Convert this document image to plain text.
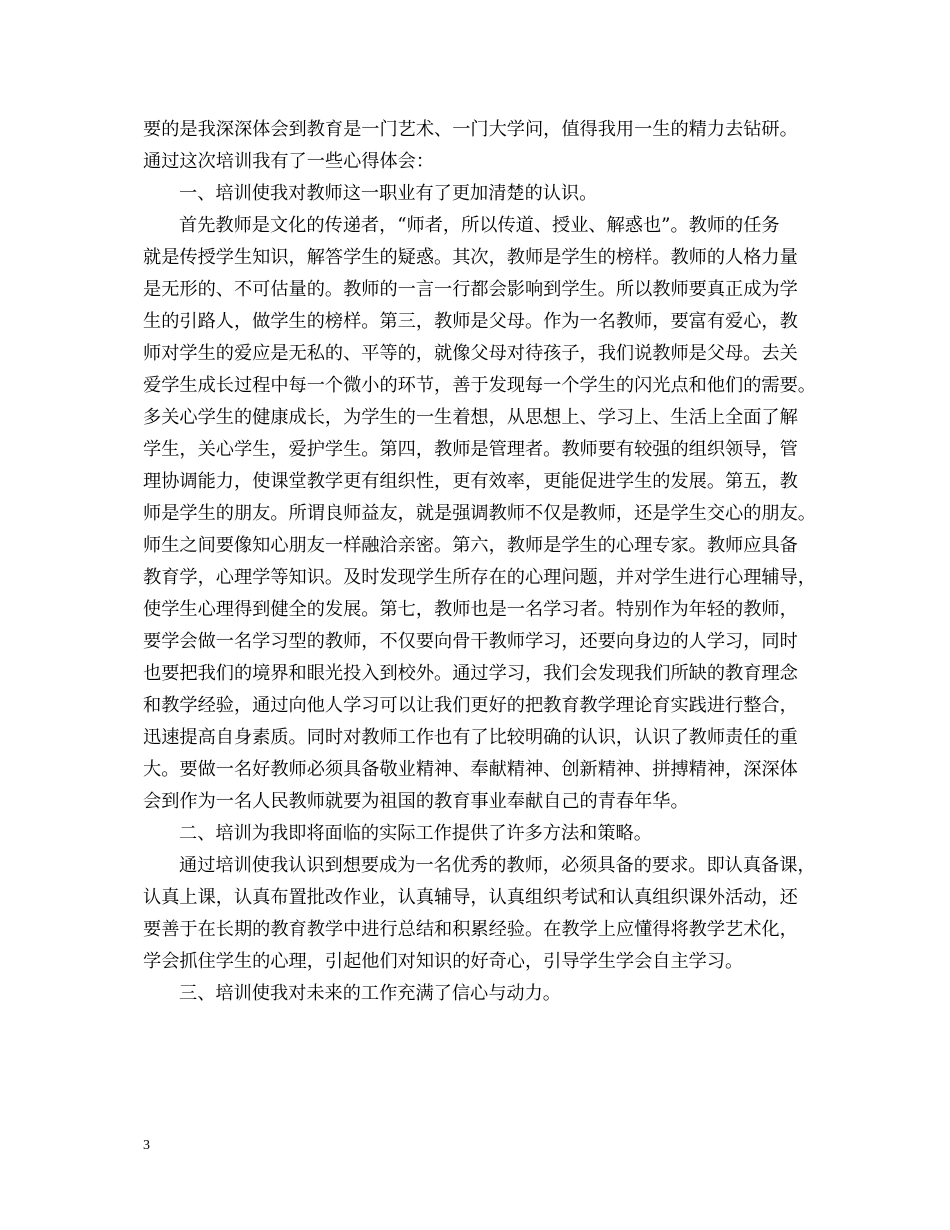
要的是我深深体会到教育是一门艺术、一门大学问，值得我用一生的精力去钻研。
通过这次培训我有了一些心得体会：
一、培训使我对教师这一职业有了更加清楚的认识。
首先教师是文化的传递者，“师者，所以传道、授业、解惑也”。教师的任务
就是传授学生知识，解答学生的疑惑。其次，教师是学生的榜样。教师的人格力量
是无形的、不可估量的。教师的一言一行都会影响到学生。所以教师要真正成为学
生的引路人，做学生的榜样。第三，教师是父母。作为一名教师，要富有爱心，教
师对学生的爱应是无私的、平等的，就像父母对待孩子，我们说教师是父母。去关
爱学生成长过程中每一个微小的环节，善于发现每一个学生的闪光点和他们的需要。
多关心学生的健康成长，为学生的一生着想，从思想上、学习上、生活上全面了解
学生，关心学生，爱护学生。第四，教师是管理者。教师要有较强的组织领导，管
理协调能力，使课堂教学更有组织性，更有效率，更能促进学生的发展。第五，教
师是学生的朋友。所谓良师益友，就是强调教师不仅是教师，还是学生交心的朋友。
师生之间要像知心朋友一样融洽亲密。第六，教师是学生的心理专家。教师应具备
教育学，心理学等知识。及时发现学生所存在的心理问题，并对学生进行心理辅导，
使学生心理得到健全的发展。第七，教师也是一名学习者。特别作为年轻的教师，
要学会做一名学习型的教师，不仅要向骨干教师学习，还要向身边的人学习，同时
也要把我们的境界和眼光投入到校外。通过学习，我们会发现我们所缺的教育理念
和教学经验，通过向他人学习可以让我们更好的把教育教学理论育实践进行整合，
迅速提高自身素质。同时对教师工作也有了比较明确的认识，认识了教师责任的重
大。要做一名好教师必须具备敬业精神、奉献精神、创新精神、拼搏精神，深深体
会到作为一名人民教师就要为祖国的教育事业奉献自己的青春年华。
二、培训为我即将面临的实际工作提供了许多方法和策略。
通过培训使我认识到想要成为一名优秀的教师，必须具备的要求。即认真备课，
认真上课，认真布置批改作业，认真辅导，认真组织考试和认真组织课外活动，还
要善于在长期的教育教学中进行总结和积累经验。在教学上应懂得将教学艺术化，
学会抓住学生的心理，引起他们对知识的好奇心，引导学生学会自主学习。
三、培训使我对未来的工作充满了信心与动力。
3
